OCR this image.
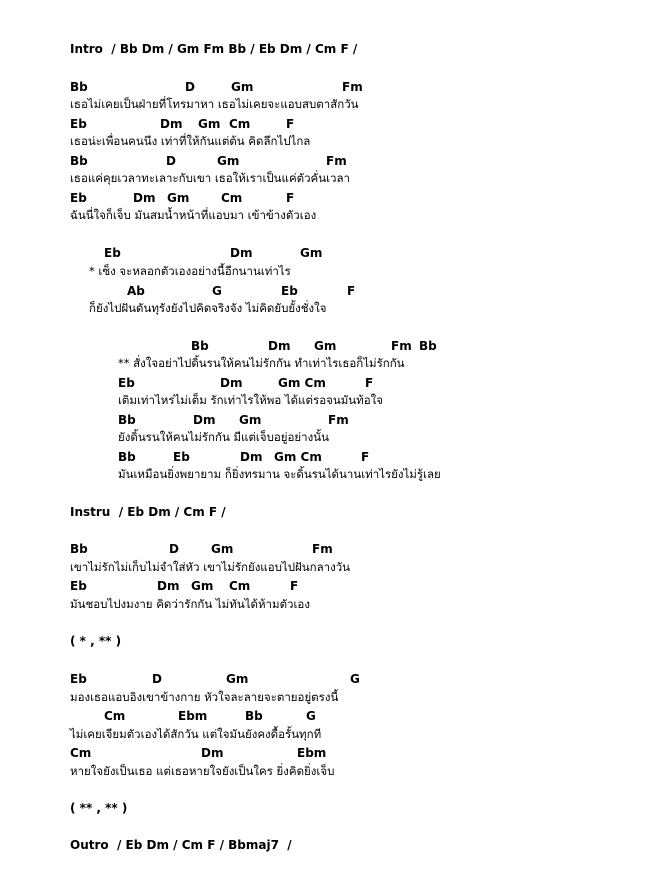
Intro  / Bb Dm / Gm Fm Bb / Eb Dm / Cm F /
Bb	D	Gm	Fm
เธอไม่เคยเป็นฝ่ายที่โทรมาหา เธอไม่เคยจะแอบสบตาสักวัน
Eb	Dm Gm Cm	F
เธอน่ะเพื่อนคนนึง เท่าที่ให้กันแต่ต้น คิดลึกไปไกล
Bb	D	Gm	Fm
เธอแค่คุยเวลาทะเลาะกับเขา เธอให้เราเป็นแค่ตัวคั่นเวลา
Eb	Dm Gm	Cm	F
ฉันนี่ใจก็เจ็บ มันสมน้ำหน้าที่แอบมา เข้าข้างตัวเอง
Eb	Dm	Gm
* เซ็ง จะหลอกตัวเองอย่างนี้อีกนานเท่าไร
Ab	G	Eb	F
ก็ยังไปฝันดันทุรังยังไปคิดจริงจัง ไม่คิดยับยั้งชั่งใจ
Bb	Dm Gm	Fm Bb
** สั่งใจอย่าไปดิ้นรนให้คนไม่รักกัน ทำเท่าไรเธอก็ไม่รักกัน
Eb	Dm	Gm Cm	F
เติมเท่าไหร่ไม่เต็ม รักเท่าไรให้พอ ได้แต่รอจนมันท้อใจ
Bb	Dm Gm	Fm
ยังดิ้นรนให้คนไม่รักกัน มีแต่เจ็บอยู่อย่างนั้น
Bb	Eb	Dm Gm Cm	F
มันเหมือนยิ่งพยายาม ก็ยิ่งทรมาน จะดิ้นรนได้นานเท่าไรยังไม่รู้เลย
Instru  / Eb Dm / Cm F /
Bb	D	Gm	Fm
เขาไม่รักไม่เก็บไม่จำใส่หัว เขาไม่รักยังแอบไปฝันกลางวัน
Eb	Dm Gm Cm	F
มันชอบไปงมงาย คิดว่ารักกัน ไม่ทันได้ห้ามตัวเอง
( * , ** )
Eb	D	Gm	G
มองเธอแอบอิงเขาข้างกาย หัวใจละลายจะตายอยู่ตรงนี้
Cm	Ebm	Bb	G
ไม่เคยเจียมตัวเองได้สักวัน แต่ใจมันยังคงดื้อรั้นทุกที
Cm	Dm	Ebm
หายใจยังเป็นเธอ แต่เธอหายใจยังเป็นใคร ยิ่งคิดยิ่งเจ็บ
( ** , ** )
Outro  / Eb Dm / Cm F / Bbmaj7  /
